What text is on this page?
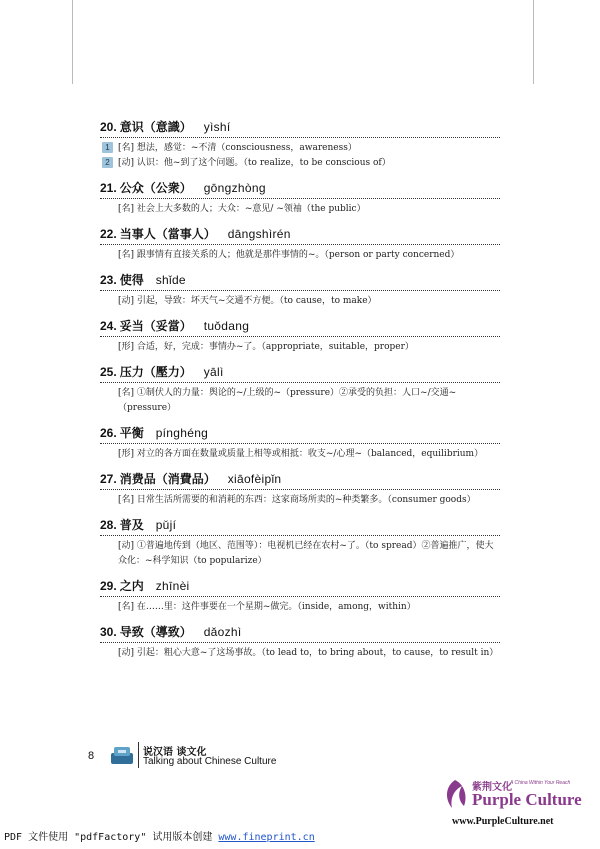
20. 意识（意識） yìshí
1 [名] 想法，感觉：~不清（consciousness，awareness）
2 [动] 认识：他~到了这个问题。（to realize，to be conscious of）
21. 公众（公衆） gōngzhòng
[名] 社会上大多数的人；大众：~意见/ ~领袖（the public）
22. 当事人（當事人） dāngshìrén
[名] 跟事情有直接关系的人；他就是那件事情的~。（person or party concerned）
23. 使得 shǐde
[动] 引起，导致：坏天气~交通不方便。（to cause，to make）
24. 妥当（妥當） tuǒdang
[形] 合适，好，完成：事情办~了。（appropriate，suitable，proper）
25. 压力（壓力） yālì
[名] ①制伏人的力量：舆论的~/上级的~（pressure）②承受的负担：人口~/交通~（pressure）
26. 平衡 pínghéng
[形] 对立的各方面在数量或质量上相等或相抵：收支~/心理~（balanced，equilibrium）
27. 消费品（消費品） xiāofèipǐn
[名] 日常生活所需要的和消耗的东西：这家商场所卖的~种类繁多。（consumer goods）
28. 普及 pǔjí
[动] ①普遍地传到（地区、范围等）：电视机已经在农村~了。（to spread）②普遍推广，使大众化：~科学知识（to popularize）
29. 之内 zhīnèi
[名] 在……里：这件事要在一个星期~做完。（inside，among，within）
30. 导致（導致） dǎozhì
[动] 引起：粗心大意~了这场事故。（to lead to，to bring about，to cause，to result in）
8	说汉语 谈文化
Talking about Chinese Culture
紫荆文化
A China Within Your Reach
Purple Culture
www.PurpleCulture.net
PDF 文件使用 "pdfFactory" 试用版本创建 www.fineprint.cn
